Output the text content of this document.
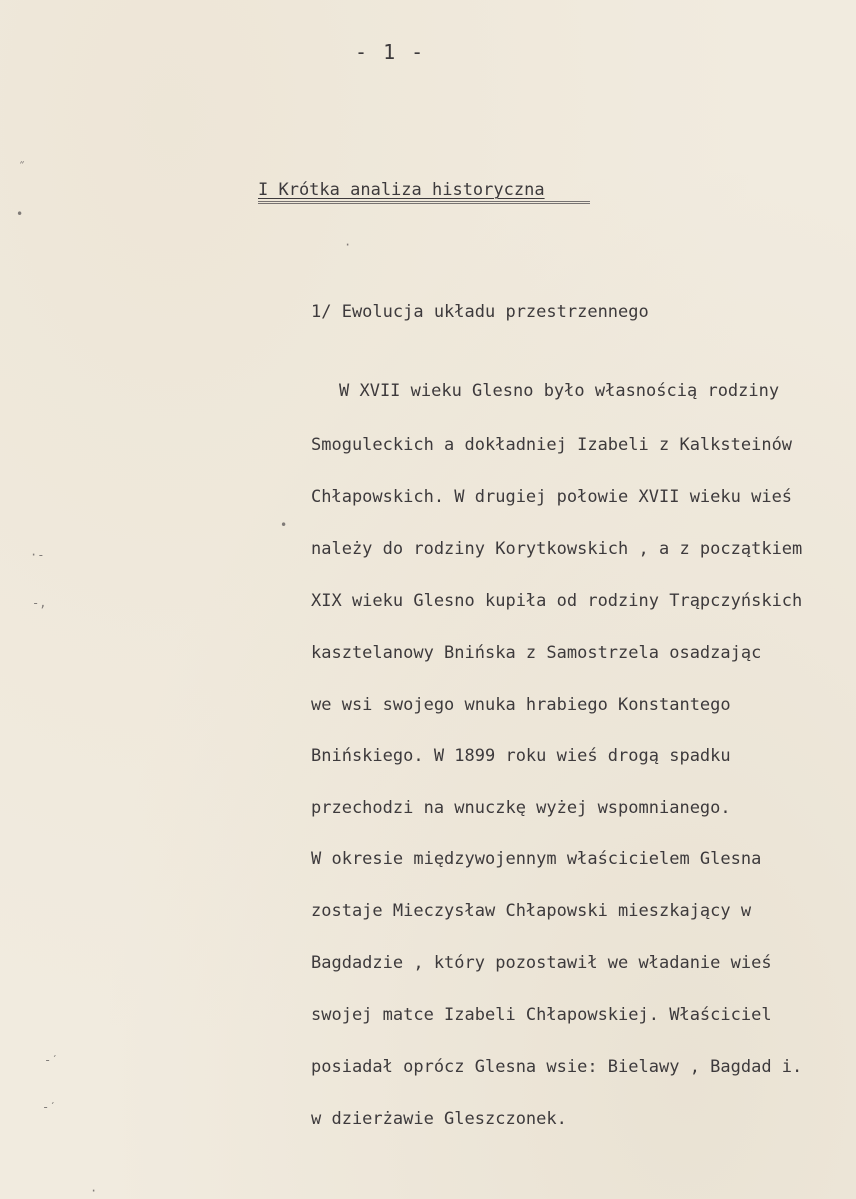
- 1 -
I Krótka analiza historyczna
1/ Ewolucja układu przestrzennego
W XVII wieku Glesno było własnością rodziny
Smoguleckich a dokładniej Izabeli z Kalksteinów
Chłapowskich. W drugiej połowie XVII wieku wieś
należy do rodziny Korytkowskich , a z początkiem
XIX wieku Glesno kupiła od rodziny Trąpczyńskich
kasztelanowy Bnińska z Samostrzela osadzając
we wsi swojego wnuka hrabiego Konstantego
Bnińskiego. W 1899 roku wieś drogą spadku
przechodzi na wnuczkę wyżej wspomnianego.
W okresie międzywojennym właścicielem Glesna
zostaje Mieczysław Chłapowski mieszkający w
Bagdadzie , który pozostawił we władanie wieś
swojej matce Izabeli Chłapowskiej. Właściciel
posiadał oprócz Glesna wsie: Bielawy , Bagdad i.
w dzierżawie Gleszczonek.
˝
•
·-
-,
•
·
-ˊ
-ˊ
·
